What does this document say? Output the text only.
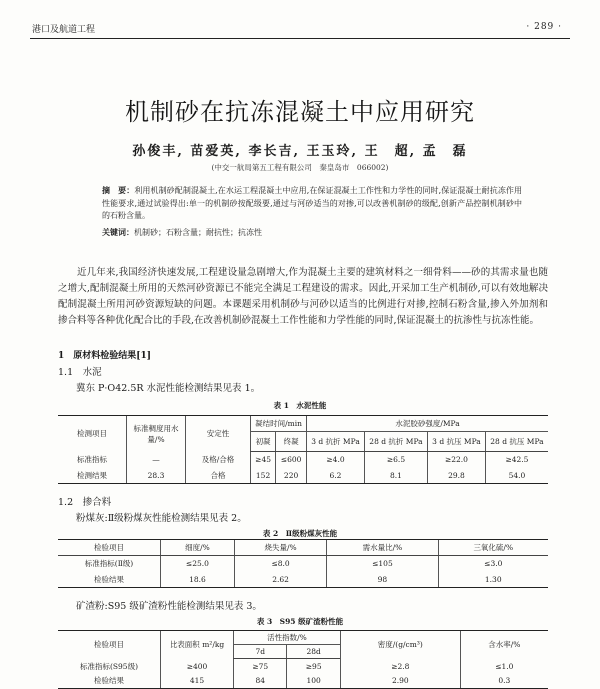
港口及航道工程	· 289 ·
机制砂在抗冻混凝土中应用研究
孙俊丰, 苗爱英, 李长吉, 王玉玲, 王　超, 孟　磊
(中交一航局第五工程有限公司　秦皇岛市　066002)
摘　要：利用机制砂配制混凝土,在水运工程混凝土中应用,在保证混凝土工作性和力学性的同时,保证混凝土耐抗冻作用性能要求,通过试验得出:单一的机制砂按配级要,通过与河砂适当的对掺,可以改善机制砂的级配,创新产品控制机制砂中的石粉含量。
关键词：机制砂；石粉含量；耐抗性；抗冻性
近几年来,我国经济快速发展,工程建设量急剧增大,作为混凝土主要的建筑材料之一细骨料——砂的其需求量也随之增大,配制混凝土所用的天然河砂资源已不能完全满足工程建设的需求。因此,开采加工生产机制砂,可以有效地解决配制混凝土所用河砂资源短缺的问题。本课题采用机制砂与河砂以适当的比例进行对掺,控制石粉含量,掺入外加剂和掺合料等各种优化配合比的手段,在改善机制砂混凝土工作性能和力学性能的同时,保证混凝土的抗渗性与抗冻性能。
1　原材料检验结果[1]
1.1　水泥
冀东 P·O42.5R 水泥性能检测结果见表 1。
表 1　水泥性能
检测项目	标准稠度用水量/%	安定性	凝结时间/min		水泥胶砂强度/MPa			
			初凝	终凝	3 d 抗折 MPa	28 d 抗折 MPa	3 d 抗压 MPa	28 d 抗压 MPa
标准指标	—	及格/合格	≥45	≤600	≥4.0	≥6.5	≥22.0	≥42.5
检测结果	28.3	合格	152	220	6.2	8.1	29.8	54.0
1.2　掺合料
粉煤灰:Ⅱ级粉煤灰性能检测结果见表 2。
表 2　Ⅱ级粉煤灰性能
检验项目	细度/%	烧失量/%	需水量比/%	三氧化硫/%
标准指标(Ⅱ级)	≤25.0	≤8.0	≤105	≤3.0
检验结果	18.6	2.62	98	1.30
矿渣粉:S95 级矿渣粉性能检测结果见表 3。
表 3　S95 级矿渣粉性能
检验项目	比表面积 m²/kg	活性指数/%		密度/(g/cm³)	含水率/%
		7d	28d		
标准指标(S95级)	≥400	≥75	≥95	≥2.8	≤1.0
检验结果	415	84	100	2.90	0.3
